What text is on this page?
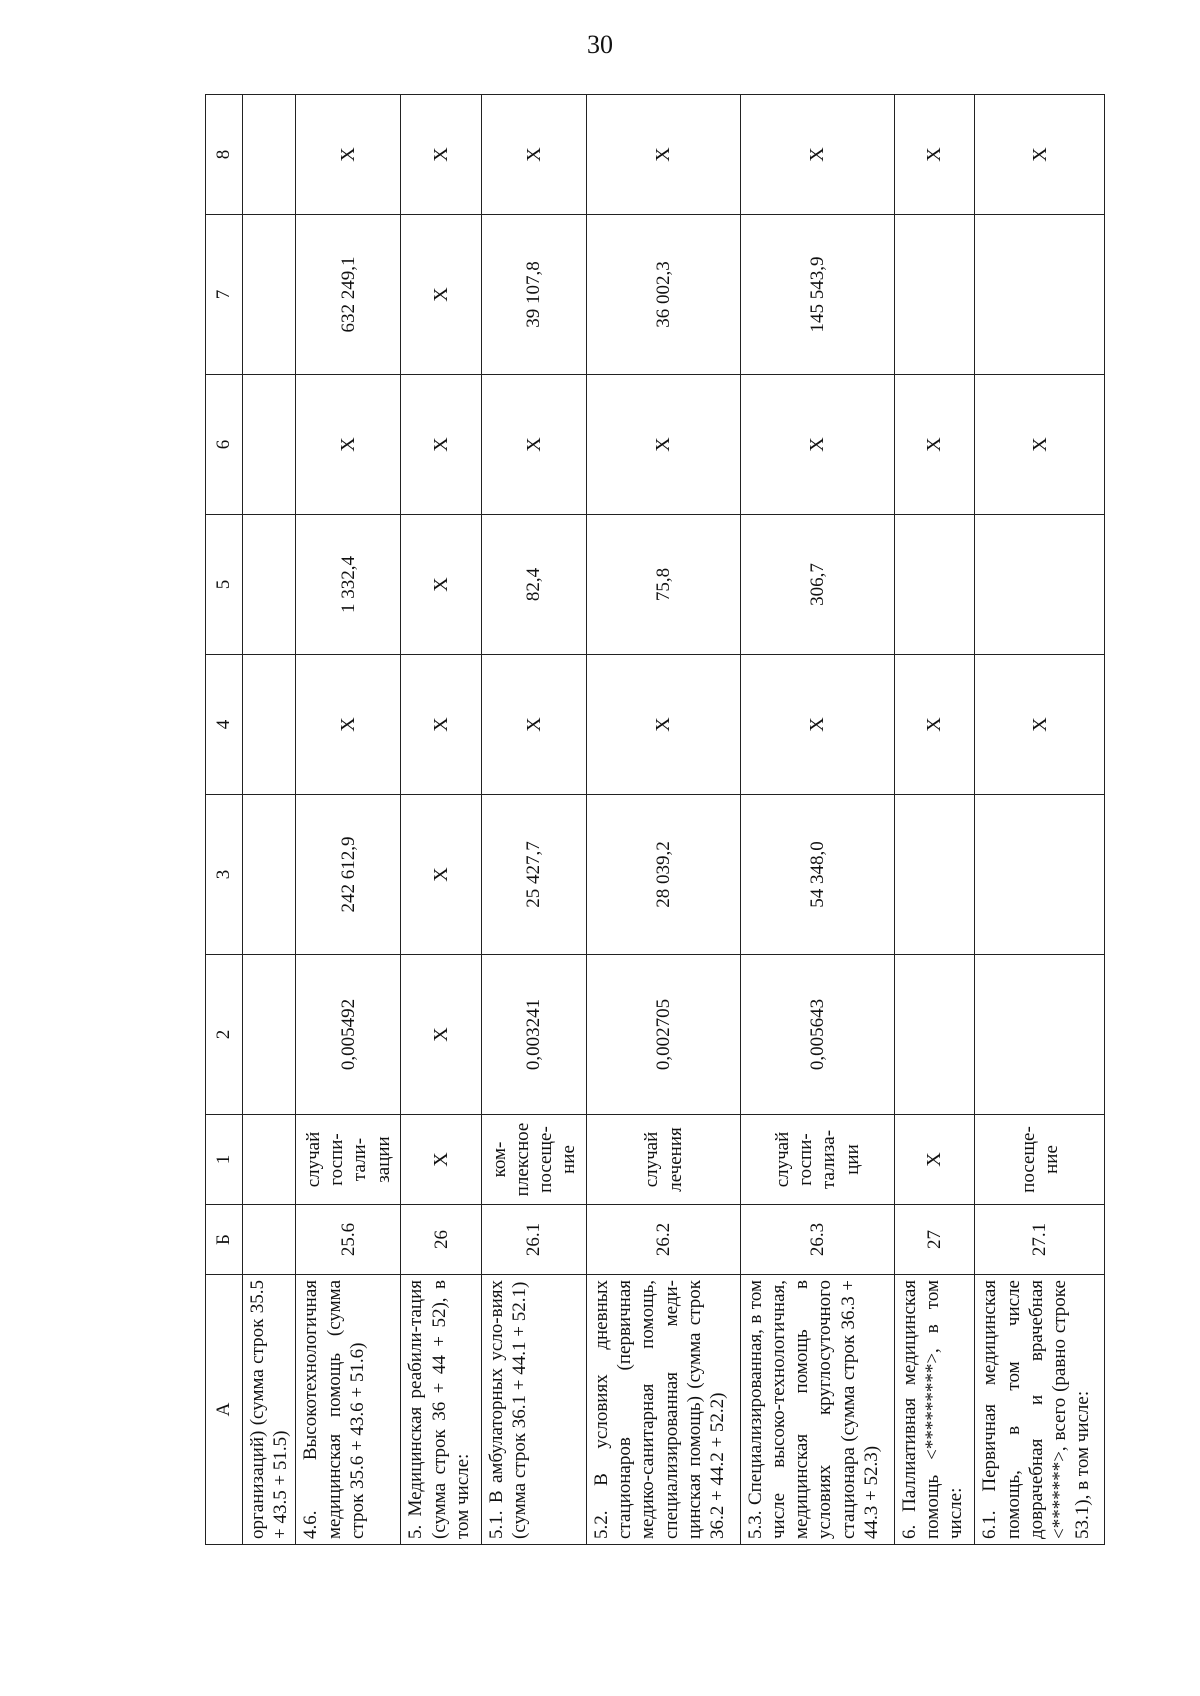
30
А	Б	1	2	3	4	5	6	7	8
организаций) (сумма строк 35.5 + 43.5 + 51.5)									
4.6. Высокотехнологичная медицинская помощь (сумма строк 35.6 + 43.6 + 51.6)	25.6	случай госпи-тали-зации	0,005492	242 612,9	X	1 332,4	X	632 249,1	X
5. Медицинская реабили-тация (сумма строк 36 + 44 + 52), в том числе:	26	X	X	X	X	X	X	X	X
5.1. В амбулаторных усло-виях (сумма строк 36.1 + 44.1 + 52.1)	26.1	ком-плексное посеще-ние	0,003241	25 427,7	X	82,4	X	39 107,8	X
5.2. В условиях дневных стационаров (первичная медико-санитарная помощь, специализированная меди-цинская помощь) (сумма строк 36.2 + 44.2 + 52.2)	26.2	случай лечения	0,002705	28 039,2	X	75,8	X	36 002,3	X
5.3. Специализированная, в том числе высоко-технологичная, медицинская помощь в условиях круглосуточного стационара (сумма строк 36.3 + 44.3 + 52.3)	26.3	случай госпи-тализа-ции	0,005643	54 348,0	X	306,7	X	145 543,9	X
6. Паллиативная медицинская помощь <*********>, в том числе:	27	X			X		X		X
6.1. Первичная медицинская помощь, в том числе доврачебная и врачебная <*******>, всего (равно строке 53.1), в том числе:	27.1	посеще-ние			X		X		X
